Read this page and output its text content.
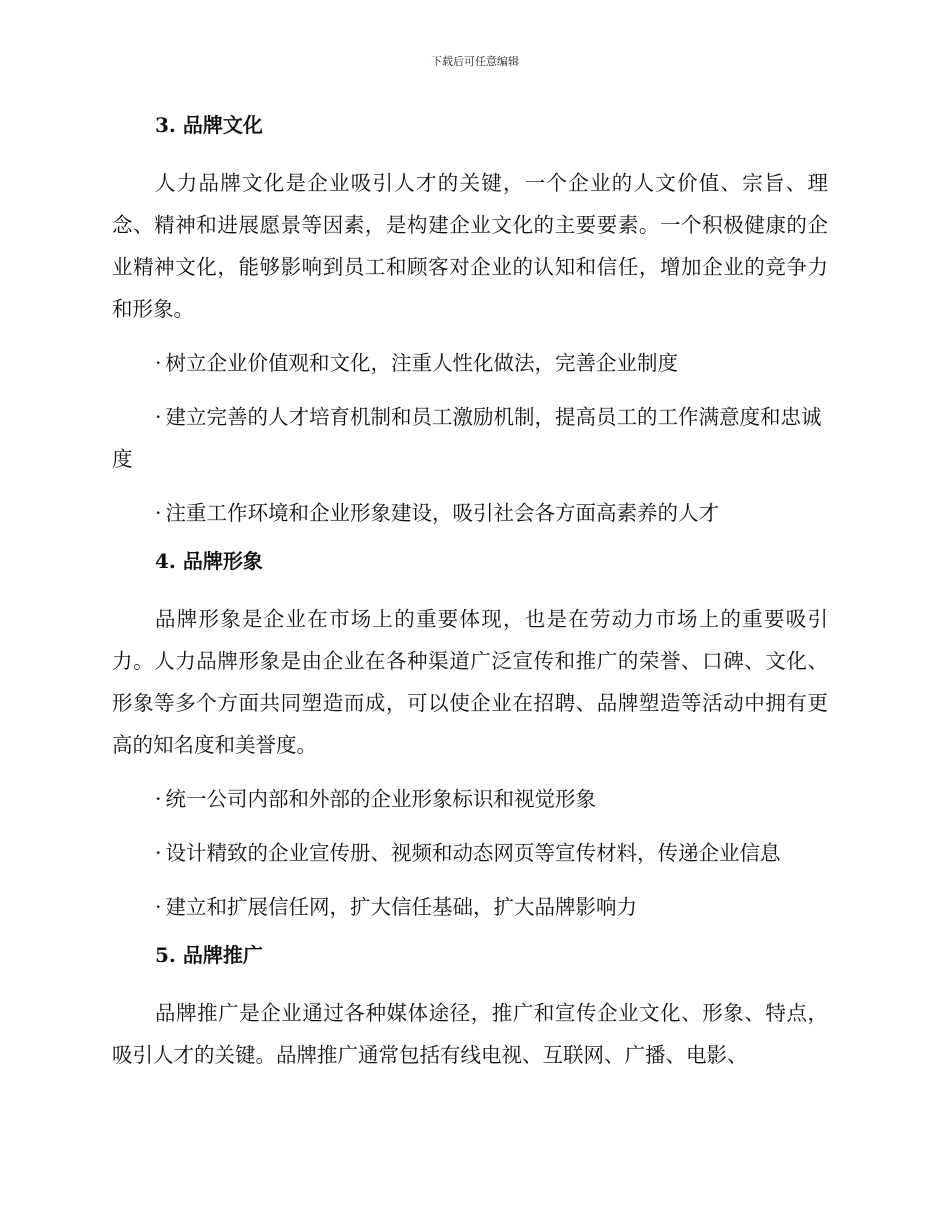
下载后可任意编辑
3. 品牌文化

人力品牌文化是企业吸引人才的关键，一个企业的人文价值、宗旨、理念、精神和进展愿景等因素，是构建企业文化的主要要素。一个积极健康的企业精神文化，能够影响到员工和顾客对企业的认知和信任，增加企业的竞争力和形象。

· 树立企业价值观和文化，注重人性化做法，完善企业制度
· 建立完善的人才培育机制和员工激励机制，提高员工的工作满意度和忠诚度
· 注重工作环境和企业形象建设，吸引社会各方面高素养的人才
4. 品牌形象

品牌形象是企业在市场上的重要体现，也是在劳动力市场上的重要吸引力。人力品牌形象是由企业在各种渠道广泛宣传和推广的荣誉、口碑、文化、形象等多个方面共同塑造而成，可以使企业在招聘、品牌塑造等活动中拥有更高的知名度和美誉度。

· 统一公司内部和外部的企业形象标识和视觉形象
· 设计精致的企业宣传册、视频和动态网页等宣传材料，传递企业信息
· 建立和扩展信任网，扩大信任基础，扩大品牌影响力
5. 品牌推广

品牌推广是企业通过各种媒体途径，推广和宣传企业文化、形象、特点，吸引人才的关键。品牌推广通常包括有线电视、互联网、广播、电影、
